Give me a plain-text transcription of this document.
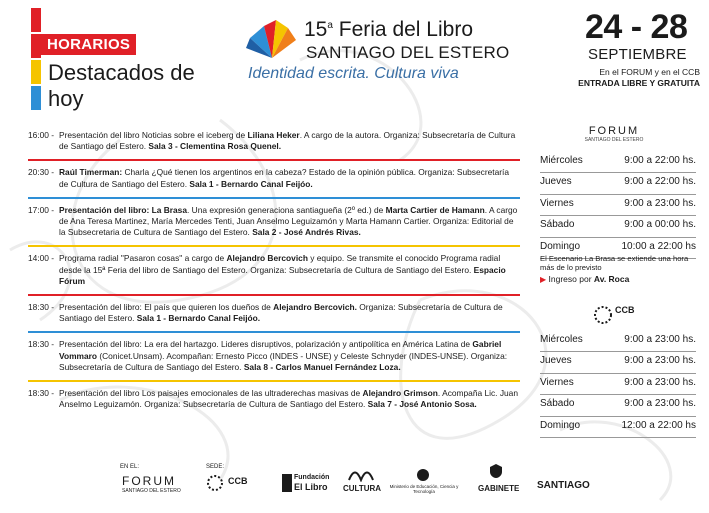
HORARIOS
Destacados de hoy
15$^a$ Feria del Libro
SANTIAGO DEL ESTERO
Identidad escrita. Cultura viva
24 - 28
SEPTIEMBRE
En el FORUM y en el CCB
ENTRADA LIBRE Y GRATUITA
16:00 - Presentación del libro Noticias sobre el iceberg de Liliana Heker. A cargo de la autora. Organiza: Subsecretaría de Cultura de Santiago del Estero. Sala 3 - Clementina Rosa Quenel.
20:30 - Raúl Timerman: Charla ¿Qué tienen los argentinos en la cabeza? Estado de la opinión pública. Organiza: Subsecretaría de Cultura de Santiago del Estero. Sala 1 - Bernardo Canal Feijóo.
17:00 - Presentación del libro: La Brasa. Una expresión generaciona santiagueña (2º ed.) de Marta Cartier de Hamann. A cargo de Ana Teresa Martinez, María Mercedes Tenti, Juan Anselmo Leguizamón y Marta Hamann Cartier. Organiza: Editorial de la Subsecretaria de Cultura de Santiago del Estero. Sala 2 - José Andrés Rivas.
14:00 - Programa radial "Pasaron cosas" a cargo de Alejandro Bercovich y equipo. Se transmite el conocido Programa radial desde la 15ª Feria del libro de Santiago del Estero. Organiza: Subsecretaría de Cultura de Santiago del Estero. Espacio Fórum
18:30 - Presentación del libro: El país que quieren los dueños de Alejandro Bercovich. Organiza: Subsecretaría de Cultura de Santiago del Estero. Sala 1 - Bernardo Canal Feijóo.
18:30 - Presentación del libro: La era del hartazgo. Lideres disruptivos, polarización y antipolítica en América Latina de Gabriel Vommaro (Conicet.Unsam). Acompañan: Ernesto Picco (INDES - UNSE) y Celeste Schnyder (INDES-UNSE). Organiza: Subsecretaría de Cultura de Santiago del Estero. Sala 8 - Carlos Manuel Fernández Loza.
18:30 - Presentación del libro Los paisajes emocionales de las ultraderechas masivas de Alejandro Grimson. Acompaña Lic. Juan Anselmo Leguizamón. Organiza: Subsecretaría de Cultura de Santiago del Estero. Sala 7 - José Antonio Sosa.
FORUM
SANTIAGO DEL ESTERO
Miércoles	9:00 a 22:00 hs.
Jueves	9:00 a 22:00 hs.
Viernes	9:00 a 23:00 hs.
Sábado	9:00 a 00:00 hs.
Domingo	10:00 a 22:00 hs
El Escenario La Brasa se extiende una hora más de lo previsto
▶ Ingreso por Av. Roca
CCB
Miércoles	9:00 a 23:00 hs.
Jueves	9:00 a 23:00 hs.
Viernes	9:00 a 23:00 hs.
Sábado	9:00 a 23:00 hs.
Domingo	12:00 a 22:00 hs
EN EL:
FORUM
SANTIAGO DEL ESTERO
SEDE:
CCB	Fundación
El Libro CULTURA	Ministerio de Educación, Ciencia y Tecnología	GABINETE SANTIAGO
